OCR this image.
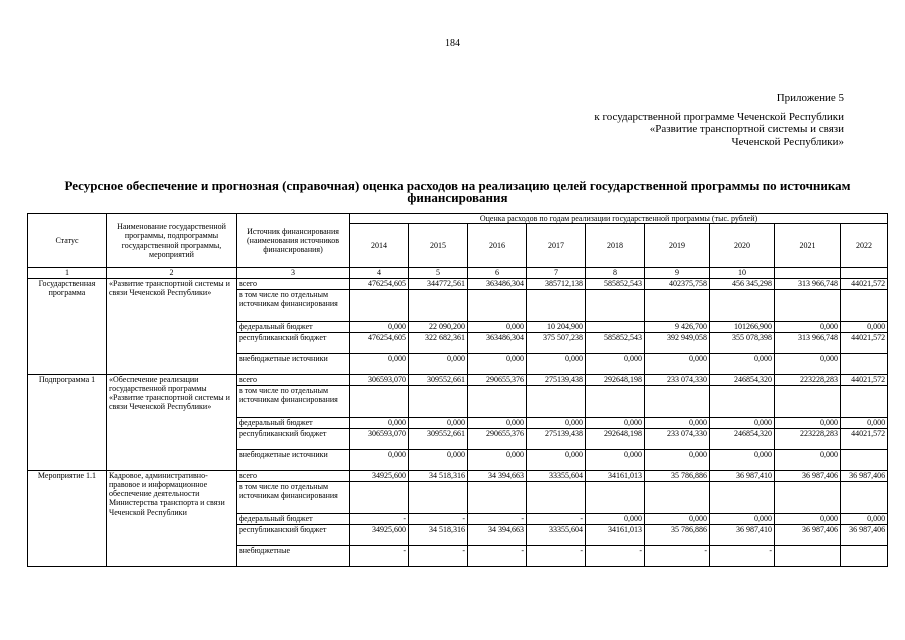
184
Приложение 5
к государственной программе Чеченской Республики
«Развитие транспортной системы и связи
Чеченской Республики»
Ресурсное обеспечение и прогнозная (справочная) оценка расходов на реализацию целей государственной программы по источникам финансирования
Статус	Наименование государственной программы, подпрограммы государственной программы, мероприятий	Источник финансирования (наименования источников финансирования)	Оценка расходов по годам реализации государственной программы (тыс. рублей)								
			2014	2015	2016	2017	2018	2019	2020	2021	2022
1	2	3	4	5	6	7	8	9	10		
Государственная программа	«Развитие транспортной системы и связи Чеченской Республики»	всего	476254,605	344772,561	363486,304	385712,138	585852,543	402375,758	456 345,298	313 966,748	44021,572
		в том числе по отдельным источникам финансирования									
		федеральный бюджет	0,000	22 090,200	0,000	10 204,900		9 426,700	101266,900	0,000	0,000
		республиканский бюджет	476254,605	322 682,361	363486,304	375 507,238	585852,543	392 949,058	355 078,398	313 966,748	44021,572
		внебюджетные источники	0,000	0,000	0,000	0,000	0,000	0,000	0,000	0,000	
Подпрограмма 1	«Обеспечение реализации государственной программы «Развитие транспортной системы и связи Чеченской Республики»	всего	306593,070	309552,661	290655,376	275139,438	292648,198	233 074,330	246854,320	223228,283	44021,572
		в том числе по отдельным источникам финансирования									
		федеральный бюджет	0,000	0,000	0,000	0,000	0,000	0,000	0,000	0,000	0,000
		республиканский бюджет	306593,070	309552,661	290655,376	275139,438	292648,198	233 074,330	246854,320	223228,283	44021,572
		внебюджетные источники	0,000	0,000	0,000	0,000	0,000	0,000	0,000	0,000	
Мероприятие 1.1	Кадровое, административно-правовое и информационное обеспечение деятельности Министерства транспорта и связи Чеченской Республики	всего	34925,600	34 518,316	34 394,663	33355,604	34161,013	35 786,886	36 987,410	36 987,406	36 987,406
		в том числе по отдельным источникам финансирования									
		федеральный бюджет	-	-	-	-	0,000	0,000	0,000	0,000	0,000
		республиканский бюджет	34925,600	34 518,316	34 394,663	33355,604	34161,013	35 786,886	36 987,410	36 987,406	36 987,406
		внебюджетные	-	-	-	-	-	-	-		
